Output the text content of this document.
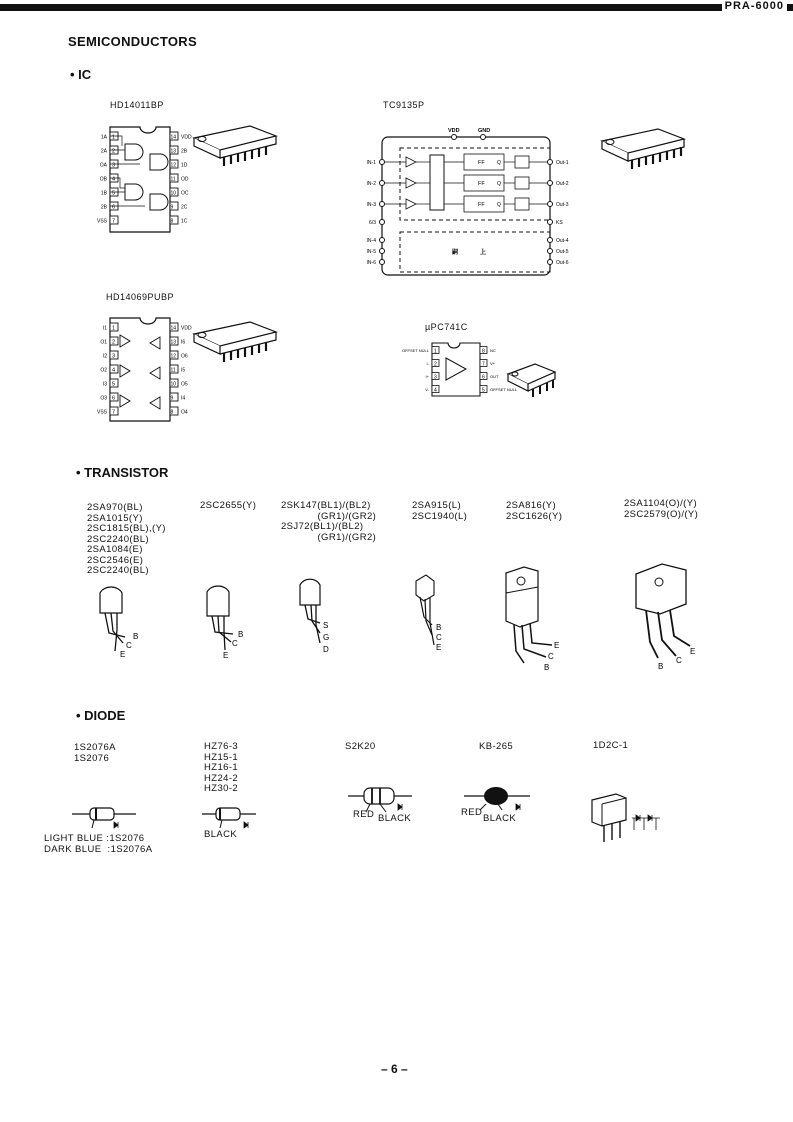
PRA-6000
SEMICONDUCTORS
• IC
HD14011BP
1
1A
2
2A
3
OA
4
OB
5
1B
6
2B
7
VSS
14 VDD
13 2B
12 1D
11 OD
10 OC
9 2C
8 1C
TC9135P
VDD	GND
IN-1
IN-2
IN-3
6/3
IN-4
IN-5
IN-6
Out-1
Out-2
Out-3
KS
Out-4
Out-5
Out-6
FF Q
FF Q
FF Q
嗣	上
HD14069PUBP
1
I1
2
O1
3
I2
4
O2
5
I3
6
O3
7
VSS
14 VDD
13 I6
12 O6
11 I5
10 O5
9 I4
8 O4
µPC741C
1
OFFSET NULL
2
I-
3
I+
4
V-
8 NC
7 V+
6 OUT
5 OFFSET NULL
• TRANSISTOR
2SA970(BL)
2SA1015(Y)
2SC1815(BL),(Y)
2SC2240(BL)
2SA1084(E)
2SC2546(E)
2SC2240(BL)
2SC2655(Y)	2SK147(BL1)/(BL2)
(GR1)/(GR2)
2SJ72(BL1)/(BL2)
(GR1)/(GR2)
2SA915(L)
2SC1940(L)
2SA816(Y)
2SC1626(Y)
2SA1104(O)/(Y)
2SC2579(O)/(Y)
B
C
E
B
C
E
S
G
D
B
C
E	E
C
B
E
C
B
• DIODE
1S2076A
1S2076
HZ76-3
HZ15-1
HZ16-1
HZ24-2
HZ30-2
S2K20	KB-265	1D2C-1
LIGHT BLUE :1S2076
DARK BLUE  :1S2076A
BLACK
RED BLACK
RED
BLACK
– 6 –
